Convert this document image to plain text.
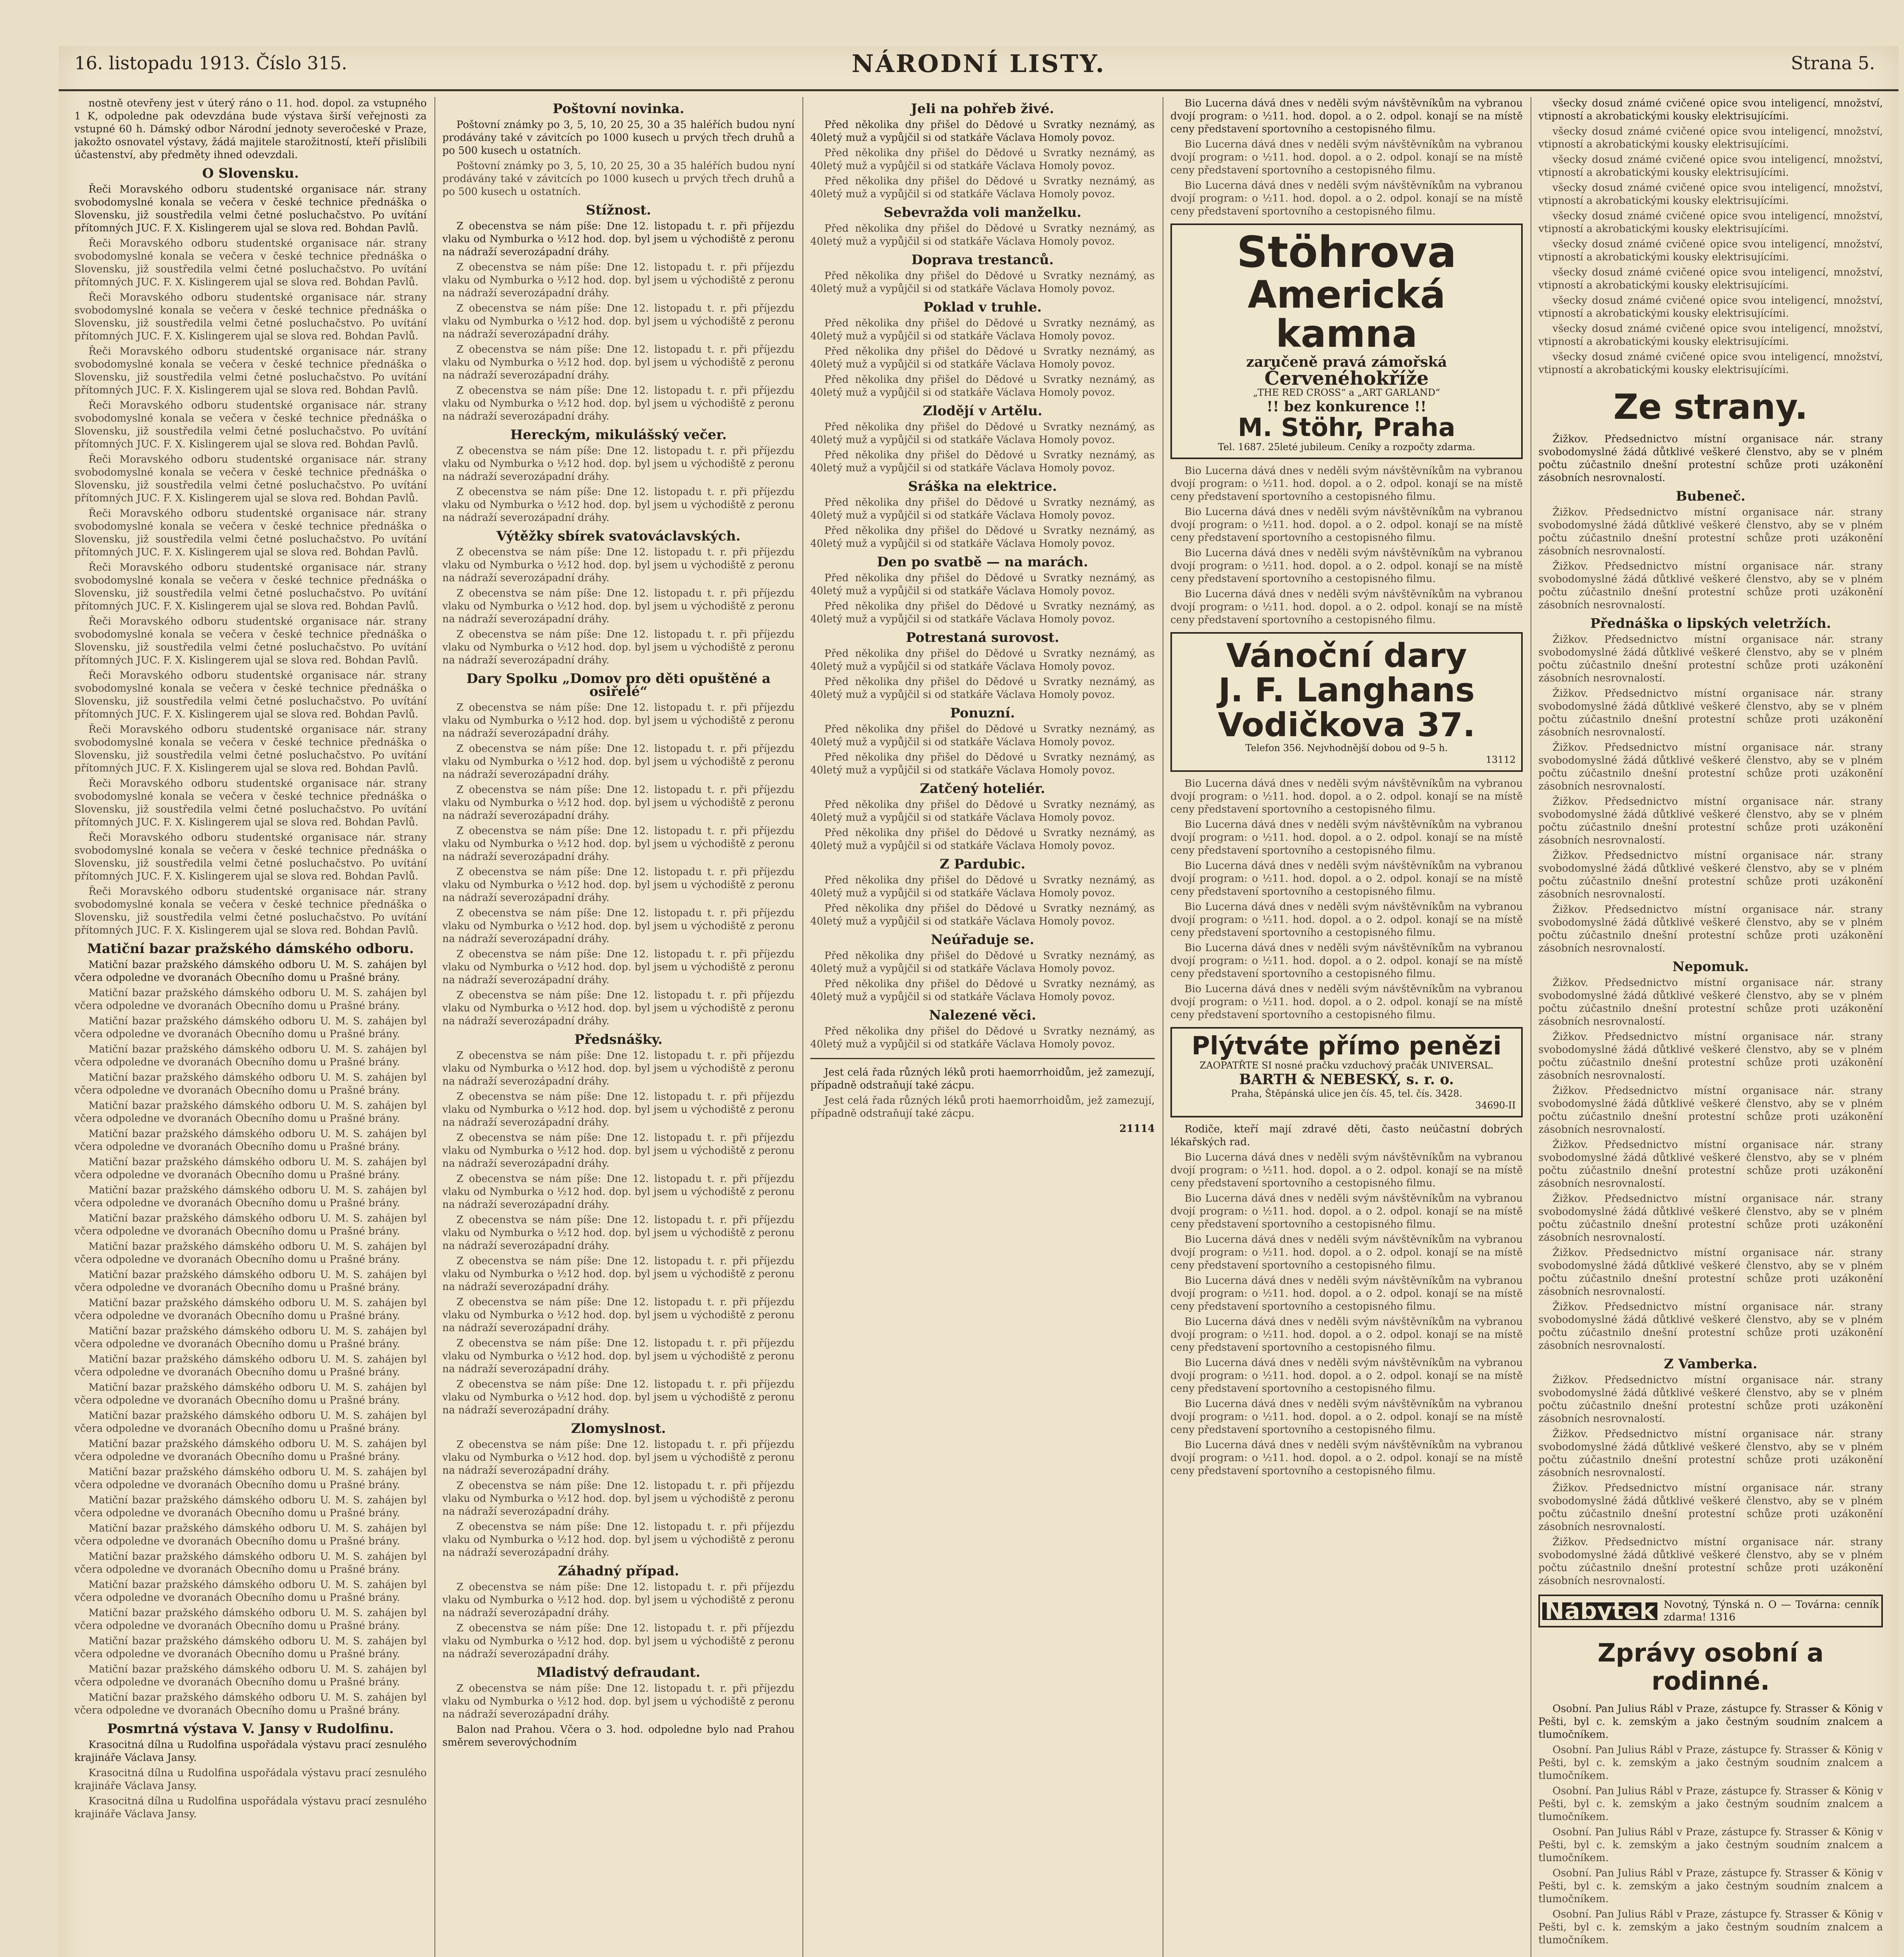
16. listopadu 1913. Číslo 315.	NÁRODNÍ LISTY.	Strana 5.

nostně otevřeny jest v úterý ráno o 11. hod. dopol. za vstupného 1 K, odpoledne pak odevzdána bude výstava širší veřejnosti za vstupné 60 h. Dámský odbor Národní jednoty severočeské v Praze, jakožto osnovatel výstavy, žádá majitele starožitností, kteří přislíbili účastenství, aby předměty ihned odevzdali.

O Slovensku.

Řeči Moravského odboru studentské organisace nár. strany svobodomyslné konala se večera v české technice přednáška o Slovensku, již soustředila velmi četné posluchačstvo. Po uvítání přítomných JUC. F. X. Kislingerem ujal se slova red. Bohdan Pavlů.

Řeči Moravského odboru studentské organisace nár. strany svobodomyslné konala se večera v české technice přednáška o Slovensku, již soustředila velmi četné posluchačstvo. Po uvítání přítomných JUC. F. X. Kislingerem ujal se slova red. Bohdan Pavlů.

Řeči Moravského odboru studentské organisace nár. strany svobodomyslné konala se večera v české technice přednáška o Slovensku, již soustředila velmi četné posluchačstvo. Po uvítání přítomných JUC. F. X. Kislingerem ujal se slova red. Bohdan Pavlů.

Řeči Moravského odboru studentské organisace nár. strany svobodomyslné konala se večera v české technice přednáška o Slovensku, již soustředila velmi četné posluchačstvo. Po uvítání přítomných JUC. F. X. Kislingerem ujal se slova red. Bohdan Pavlů.

Řeči Moravského odboru studentské organisace nár. strany svobodomyslné konala se večera v české technice přednáška o Slovensku, již soustředila velmi četné posluchačstvo. Po uvítání přítomných JUC. F. X. Kislingerem ujal se slova red. Bohdan Pavlů.

Řeči Moravského odboru studentské organisace nár. strany svobodomyslné konala se večera v české technice přednáška o Slovensku, již soustředila velmi četné posluchačstvo. Po uvítání přítomných JUC. F. X. Kislingerem ujal se slova red. Bohdan Pavlů.

Řeči Moravského odboru studentské organisace nár. strany svobodomyslné konala se večera v české technice přednáška o Slovensku, již soustředila velmi četné posluchačstvo. Po uvítání přítomných JUC. F. X. Kislingerem ujal se slova red. Bohdan Pavlů.

Řeči Moravského odboru studentské organisace nár. strany svobodomyslné konala se večera v české technice přednáška o Slovensku, již soustředila velmi četné posluchačstvo. Po uvítání přítomných JUC. F. X. Kislingerem ujal se slova red. Bohdan Pavlů.

Řeči Moravského odboru studentské organisace nár. strany svobodomyslné konala se večera v české technice přednáška o Slovensku, již soustředila velmi četné posluchačstvo. Po uvítání přítomných JUC. F. X. Kislingerem ujal se slova red. Bohdan Pavlů.

Řeči Moravského odboru studentské organisace nár. strany svobodomyslné konala se večera v české technice přednáška o Slovensku, již soustředila velmi četné posluchačstvo. Po uvítání přítomných JUC. F. X. Kislingerem ujal se slova red. Bohdan Pavlů.

Řeči Moravského odboru studentské organisace nár. strany svobodomyslné konala se večera v české technice přednáška o Slovensku, již soustředila velmi četné posluchačstvo. Po uvítání přítomných JUC. F. X. Kislingerem ujal se slova red. Bohdan Pavlů.

Řeči Moravského odboru studentské organisace nár. strany svobodomyslné konala se večera v české technice přednáška o Slovensku, již soustředila velmi četné posluchačstvo. Po uvítání přítomných JUC. F. X. Kislingerem ujal se slova red. Bohdan Pavlů.

Řeči Moravského odboru studentské organisace nár. strany svobodomyslné konala se večera v české technice přednáška o Slovensku, již soustředila velmi četné posluchačstvo. Po uvítání přítomných JUC. F. X. Kislingerem ujal se slova red. Bohdan Pavlů.

Řeči Moravského odboru studentské organisace nár. strany svobodomyslné konala se večera v české technice přednáška o Slovensku, již soustředila velmi četné posluchačstvo. Po uvítání přítomných JUC. F. X. Kislingerem ujal se slova red. Bohdan Pavlů.

Matiční bazar pražského dámského odboru.

Matiční bazar pražského dámského odboru U. M. S. zahájen byl včera odpoledne ve dvoranách Obecního domu u Prašné brány.

Matiční bazar pražského dámského odboru U. M. S. zahájen byl včera odpoledne ve dvoranách Obecního domu u Prašné brány.

Matiční bazar pražského dámského odboru U. M. S. zahájen byl včera odpoledne ve dvoranách Obecního domu u Prašné brány.

Matiční bazar pražského dámského odboru U. M. S. zahájen byl včera odpoledne ve dvoranách Obecního domu u Prašné brány.

Matiční bazar pražského dámského odboru U. M. S. zahájen byl včera odpoledne ve dvoranách Obecního domu u Prašné brány.

Matiční bazar pražského dámského odboru U. M. S. zahájen byl včera odpoledne ve dvoranách Obecního domu u Prašné brány.

Matiční bazar pražského dámského odboru U. M. S. zahájen byl včera odpoledne ve dvoranách Obecního domu u Prašné brány.

Matiční bazar pražského dámského odboru U. M. S. zahájen byl včera odpoledne ve dvoranách Obecního domu u Prašné brány.

Matiční bazar pražského dámského odboru U. M. S. zahájen byl včera odpoledne ve dvoranách Obecního domu u Prašné brány.

Matiční bazar pražského dámského odboru U. M. S. zahájen byl včera odpoledne ve dvoranách Obecního domu u Prašné brány.

Matiční bazar pražského dámského odboru U. M. S. zahájen byl včera odpoledne ve dvoranách Obecního domu u Prašné brány.

Matiční bazar pražského dámského odboru U. M. S. zahájen byl včera odpoledne ve dvoranách Obecního domu u Prašné brány.

Matiční bazar pražského dámského odboru U. M. S. zahájen byl včera odpoledne ve dvoranách Obecního domu u Prašné brány.

Matiční bazar pražského dámského odboru U. M. S. zahájen byl včera odpoledne ve dvoranách Obecního domu u Prašné brány.

Matiční bazar pražského dámského odboru U. M. S. zahájen byl včera odpoledne ve dvoranách Obecního domu u Prašné brány.

Matiční bazar pražského dámského odboru U. M. S. zahájen byl včera odpoledne ve dvoranách Obecního domu u Prašné brány.

Matiční bazar pražského dámského odboru U. M. S. zahájen byl včera odpoledne ve dvoranách Obecního domu u Prašné brány.

Matiční bazar pražského dámského odboru U. M. S. zahájen byl včera odpoledne ve dvoranách Obecního domu u Prašné brány.

Matiční bazar pražského dámského odboru U. M. S. zahájen byl včera odpoledne ve dvoranách Obecního domu u Prašné brány.

Matiční bazar pražského dámského odboru U. M. S. zahájen byl včera odpoledne ve dvoranách Obecního domu u Prašné brány.

Matiční bazar pražského dámského odboru U. M. S. zahájen byl včera odpoledne ve dvoranách Obecního domu u Prašné brány.

Matiční bazar pražského dámského odboru U. M. S. zahájen byl včera odpoledne ve dvoranách Obecního domu u Prašné brány.

Matiční bazar pražského dámského odboru U. M. S. zahájen byl včera odpoledne ve dvoranách Obecního domu u Prašné brány.

Matiční bazar pražského dámského odboru U. M. S. zahájen byl včera odpoledne ve dvoranách Obecního domu u Prašné brány.

Matiční bazar pražského dámského odboru U. M. S. zahájen byl včera odpoledne ve dvoranách Obecního domu u Prašné brány.

Matiční bazar pražského dámského odboru U. M. S. zahájen byl včera odpoledne ve dvoranách Obecního domu u Prašné brány.

Matiční bazar pražského dámského odboru U. M. S. zahájen byl včera odpoledne ve dvoranách Obecního domu u Prašné brány.

Posmrtná výstava V. Jansy v Rudolfinu.

Krasocitná dílna u Rudolfina uspořádala výstavu prací zesnulého krajináře Václava Jansy.

Krasocitná dílna u Rudolfina uspořádala výstavu prací zesnulého krajináře Václava Jansy.

Krasocitná dílna u Rudolfina uspořádala výstavu prací zesnulého krajináře Václava Jansy.

Poštovní novinka.

Poštovní známky po 3, 5, 10, 20 25, 30 a 35 haléřích budou nyní prodávány také v závitcích po 1000 kusech u prvých třech druhů a po 500 kusech u ostatních.

Poštovní známky po 3, 5, 10, 20 25, 30 a 35 haléřích budou nyní prodávány také v závitcích po 1000 kusech u prvých třech druhů a po 500 kusech u ostatních.

Stížnost.

Z obecenstva se nám píše: Dne 12. listopadu t. r. při příjezdu vlaku od Nymburka o ½12 hod. dop. byl jsem u východiště z peronu na nádraží severozápadní dráhy.

Z obecenstva se nám píše: Dne 12. listopadu t. r. při příjezdu vlaku od Nymburka o ½12 hod. dop. byl jsem u východiště z peronu na nádraží severozápadní dráhy.

Z obecenstva se nám píše: Dne 12. listopadu t. r. při příjezdu vlaku od Nymburka o ½12 hod. dop. byl jsem u východiště z peronu na nádraží severozápadní dráhy.

Z obecenstva se nám píše: Dne 12. listopadu t. r. při příjezdu vlaku od Nymburka o ½12 hod. dop. byl jsem u východiště z peronu na nádraží severozápadní dráhy.

Z obecenstva se nám píše: Dne 12. listopadu t. r. při příjezdu vlaku od Nymburka o ½12 hod. dop. byl jsem u východiště z peronu na nádraží severozápadní dráhy.

Hereckým, mikulášský večer.

Z obecenstva se nám píše: Dne 12. listopadu t. r. při příjezdu vlaku od Nymburka o ½12 hod. dop. byl jsem u východiště z peronu na nádraží severozápadní dráhy.

Z obecenstva se nám píše: Dne 12. listopadu t. r. při příjezdu vlaku od Nymburka o ½12 hod. dop. byl jsem u východiště z peronu na nádraží severozápadní dráhy.

Výtěžky sbírek svatováclavských.

Z obecenstva se nám píše: Dne 12. listopadu t. r. při příjezdu vlaku od Nymburka o ½12 hod. dop. byl jsem u východiště z peronu na nádraží severozápadní dráhy.

Z obecenstva se nám píše: Dne 12. listopadu t. r. při příjezdu vlaku od Nymburka o ½12 hod. dop. byl jsem u východiště z peronu na nádraží severozápadní dráhy.

Z obecenstva se nám píše: Dne 12. listopadu t. r. při příjezdu vlaku od Nymburka o ½12 hod. dop. byl jsem u východiště z peronu na nádraží severozápadní dráhy.

Dary Spolku „Domov pro děti opuštěné a osiřelé“

Z obecenstva se nám píše: Dne 12. listopadu t. r. při příjezdu vlaku od Nymburka o ½12 hod. dop. byl jsem u východiště z peronu na nádraží severozápadní dráhy.

Z obecenstva se nám píše: Dne 12. listopadu t. r. při příjezdu vlaku od Nymburka o ½12 hod. dop. byl jsem u východiště z peronu na nádraží severozápadní dráhy.

Z obecenstva se nám píše: Dne 12. listopadu t. r. při příjezdu vlaku od Nymburka o ½12 hod. dop. byl jsem u východiště z peronu na nádraží severozápadní dráhy.

Z obecenstva se nám píše: Dne 12. listopadu t. r. při příjezdu vlaku od Nymburka o ½12 hod. dop. byl jsem u východiště z peronu na nádraží severozápadní dráhy.

Z obecenstva se nám píše: Dne 12. listopadu t. r. při příjezdu vlaku od Nymburka o ½12 hod. dop. byl jsem u východiště z peronu na nádraží severozápadní dráhy.

Z obecenstva se nám píše: Dne 12. listopadu t. r. při příjezdu vlaku od Nymburka o ½12 hod. dop. byl jsem u východiště z peronu na nádraží severozápadní dráhy.

Z obecenstva se nám píše: Dne 12. listopadu t. r. při příjezdu vlaku od Nymburka o ½12 hod. dop. byl jsem u východiště z peronu na nádraží severozápadní dráhy.

Z obecenstva se nám píše: Dne 12. listopadu t. r. při příjezdu vlaku od Nymburka o ½12 hod. dop. byl jsem u východiště z peronu na nádraží severozápadní dráhy.

Předsnášky.

Z obecenstva se nám píše: Dne 12. listopadu t. r. při příjezdu vlaku od Nymburka o ½12 hod. dop. byl jsem u východiště z peronu na nádraží severozápadní dráhy.

Z obecenstva se nám píše: Dne 12. listopadu t. r. při příjezdu vlaku od Nymburka o ½12 hod. dop. byl jsem u východiště z peronu na nádraží severozápadní dráhy.

Z obecenstva se nám píše: Dne 12. listopadu t. r. při příjezdu vlaku od Nymburka o ½12 hod. dop. byl jsem u východiště z peronu na nádraží severozápadní dráhy.

Z obecenstva se nám píše: Dne 12. listopadu t. r. při příjezdu vlaku od Nymburka o ½12 hod. dop. byl jsem u východiště z peronu na nádraží severozápadní dráhy.

Z obecenstva se nám píše: Dne 12. listopadu t. r. při příjezdu vlaku od Nymburka o ½12 hod. dop. byl jsem u východiště z peronu na nádraží severozápadní dráhy.

Z obecenstva se nám píše: Dne 12. listopadu t. r. při příjezdu vlaku od Nymburka o ½12 hod. dop. byl jsem u východiště z peronu na nádraží severozápadní dráhy.

Z obecenstva se nám píše: Dne 12. listopadu t. r. při příjezdu vlaku od Nymburka o ½12 hod. dop. byl jsem u východiště z peronu na nádraží severozápadní dráhy.

Z obecenstva se nám píše: Dne 12. listopadu t. r. při příjezdu vlaku od Nymburka o ½12 hod. dop. byl jsem u východiště z peronu na nádraží severozápadní dráhy.

Z obecenstva se nám píše: Dne 12. listopadu t. r. při příjezdu vlaku od Nymburka o ½12 hod. dop. byl jsem u východiště z peronu na nádraží severozápadní dráhy.

Zlomyslnost.

Z obecenstva se nám píše: Dne 12. listopadu t. r. při příjezdu vlaku od Nymburka o ½12 hod. dop. byl jsem u východiště z peronu na nádraží severozápadní dráhy.

Z obecenstva se nám píše: Dne 12. listopadu t. r. při příjezdu vlaku od Nymburka o ½12 hod. dop. byl jsem u východiště z peronu na nádraží severozápadní dráhy.

Z obecenstva se nám píše: Dne 12. listopadu t. r. při příjezdu vlaku od Nymburka o ½12 hod. dop. byl jsem u východiště z peronu na nádraží severozápadní dráhy.

Záhadný případ.

Z obecenstva se nám píše: Dne 12. listopadu t. r. při příjezdu vlaku od Nymburka o ½12 hod. dop. byl jsem u východiště z peronu na nádraží severozápadní dráhy.

Z obecenstva se nám píše: Dne 12. listopadu t. r. při příjezdu vlaku od Nymburka o ½12 hod. dop. byl jsem u východiště z peronu na nádraží severozápadní dráhy.

Mladistvý defraudant.

Z obecenstva se nám píše: Dne 12. listopadu t. r. při příjezdu vlaku od Nymburka o ½12 hod. dop. byl jsem u východiště z peronu na nádraží severozápadní dráhy.

Balon nad Prahou. Včera o 3. hod. odpoledne bylo nad Prahou směrem severovýchodním

Jeli na pohřeb živé.

Před několika dny přišel do Dědové u Svratky neznámý, as 40letý muž a vypůjčil si od statkáře Václava Homoly povoz.

Před několika dny přišel do Dědové u Svratky neznámý, as 40letý muž a vypůjčil si od statkáře Václava Homoly povoz.

Před několika dny přišel do Dědové u Svratky neznámý, as 40letý muž a vypůjčil si od statkáře Václava Homoly povoz.

Sebevražda voli manželku.

Před několika dny přišel do Dědové u Svratky neznámý, as 40letý muž a vypůjčil si od statkáře Václava Homoly povoz.

Doprava trestanců.

Před několika dny přišel do Dědové u Svratky neznámý, as 40letý muž a vypůjčil si od statkáře Václava Homoly povoz.

Poklad v truhle.

Před několika dny přišel do Dědové u Svratky neznámý, as 40letý muž a vypůjčil si od statkáře Václava Homoly povoz.

Před několika dny přišel do Dědové u Svratky neznámý, as 40letý muž a vypůjčil si od statkáře Václava Homoly povoz.

Před několika dny přišel do Dědové u Svratky neznámý, as 40letý muž a vypůjčil si od statkáře Václava Homoly povoz.

Zlodějí v Artělu.

Před několika dny přišel do Dědové u Svratky neznámý, as 40letý muž a vypůjčil si od statkáře Václava Homoly povoz.

Před několika dny přišel do Dědové u Svratky neznámý, as 40letý muž a vypůjčil si od statkáře Václava Homoly povoz.

Sráška na elektrice.

Před několika dny přišel do Dědové u Svratky neznámý, as 40letý muž a vypůjčil si od statkáře Václava Homoly povoz.

Před několika dny přišel do Dědové u Svratky neznámý, as 40letý muž a vypůjčil si od statkáře Václava Homoly povoz.

Den po svatbě — na marách.

Před několika dny přišel do Dědové u Svratky neznámý, as 40letý muž a vypůjčil si od statkáře Václava Homoly povoz.

Před několika dny přišel do Dědové u Svratky neznámý, as 40letý muž a vypůjčil si od statkáře Václava Homoly povoz.

Potrestaná surovost.

Před několika dny přišel do Dědové u Svratky neznámý, as 40letý muž a vypůjčil si od statkáře Václava Homoly povoz.

Před několika dny přišel do Dědové u Svratky neznámý, as 40letý muž a vypůjčil si od statkáře Václava Homoly povoz.

Ponuzní.

Před několika dny přišel do Dědové u Svratky neznámý, as 40letý muž a vypůjčil si od statkáře Václava Homoly povoz.

Před několika dny přišel do Dědové u Svratky neznámý, as 40letý muž a vypůjčil si od statkáře Václava Homoly povoz.

Zatčený hoteliér.

Před několika dny přišel do Dědové u Svratky neznámý, as 40letý muž a vypůjčil si od statkáře Václava Homoly povoz.

Před několika dny přišel do Dědové u Svratky neznámý, as 40letý muž a vypůjčil si od statkáře Václava Homoly povoz.

Z Pardubic.

Před několika dny přišel do Dědové u Svratky neznámý, as 40letý muž a vypůjčil si od statkáře Václava Homoly povoz.

Před několika dny přišel do Dědové u Svratky neznámý, as 40letý muž a vypůjčil si od statkáře Václava Homoly povoz.

Neúřaduje se.

Před několika dny přišel do Dědové u Svratky neznámý, as 40letý muž a vypůjčil si od statkáře Václava Homoly povoz.

Před několika dny přišel do Dědové u Svratky neznámý, as 40letý muž a vypůjčil si od statkáře Václava Homoly povoz.

Nalezené věci.

Před několika dny přišel do Dědové u Svratky neznámý, as 40letý muž a vypůjčil si od statkáře Václava Homoly povoz.

Jest celá řada různých léků proti haemorrhoidům, jež zamezují, případně odstraňují také zácpu.

Jest celá řada různých léků proti haemorrhoidům, jež zamezují, případně odstraňují také zácpu.

21114

Bio Lucerna dává dnes v neděli svým návštěvníkům na vybranou dvojí program: o ½11. hod. dopol. a o 2. odpol. konají se na místě ceny představení sportovního a cestopisného filmu.

Bio Lucerna dává dnes v neděli svým návštěvníkům na vybranou dvojí program: o ½11. hod. dopol. a o 2. odpol. konají se na místě ceny představení sportovního a cestopisného filmu.

Bio Lucerna dává dnes v neděli svým návštěvníkům na vybranou dvojí program: o ½11. hod. dopol. a o 2. odpol. konají se na místě ceny představení sportovního a cestopisného filmu.

Stöhrova
Americká kamna
zaručeně pravá zámořská
Červenéhokříže
„THE RED CROSS“ a „ART GARLAND“
!! bez konkurence !!
M. Stöhr, Praha
Tel. 1687. 25leté jubileum. Ceníky a rozpočty zdarma.

Bio Lucerna dává dnes v neděli svým návštěvníkům na vybranou dvojí program: o ½11. hod. dopol. a o 2. odpol. konají se na místě ceny představení sportovního a cestopisného filmu.

Bio Lucerna dává dnes v neděli svým návštěvníkům na vybranou dvojí program: o ½11. hod. dopol. a o 2. odpol. konají se na místě ceny představení sportovního a cestopisného filmu.

Bio Lucerna dává dnes v neděli svým návštěvníkům na vybranou dvojí program: o ½11. hod. dopol. a o 2. odpol. konají se na místě ceny představení sportovního a cestopisného filmu.

Bio Lucerna dává dnes v neděli svým návštěvníkům na vybranou dvojí program: o ½11. hod. dopol. a o 2. odpol. konají se na místě ceny představení sportovního a cestopisného filmu.

Vánoční dary
J. F. Langhans
Vodičkova 37.
Telefon 356. Nejvhodnější dobou od 9–5 h.
13112

Bio Lucerna dává dnes v neděli svým návštěvníkům na vybranou dvojí program: o ½11. hod. dopol. a o 2. odpol. konají se na místě ceny představení sportovního a cestopisného filmu.

Bio Lucerna dává dnes v neděli svým návštěvníkům na vybranou dvojí program: o ½11. hod. dopol. a o 2. odpol. konají se na místě ceny představení sportovního a cestopisného filmu.

Bio Lucerna dává dnes v neděli svým návštěvníkům na vybranou dvojí program: o ½11. hod. dopol. a o 2. odpol. konají se na místě ceny představení sportovního a cestopisného filmu.

Bio Lucerna dává dnes v neděli svým návštěvníkům na vybranou dvojí program: o ½11. hod. dopol. a o 2. odpol. konají se na místě ceny představení sportovního a cestopisného filmu.

Bio Lucerna dává dnes v neděli svým návštěvníkům na vybranou dvojí program: o ½11. hod. dopol. a o 2. odpol. konají se na místě ceny představení sportovního a cestopisného filmu.

Bio Lucerna dává dnes v neděli svým návštěvníkům na vybranou dvojí program: o ½11. hod. dopol. a o 2. odpol. konají se na místě ceny představení sportovního a cestopisného filmu.

Plýtváte přímo penězi
ZAOPATŘTE SI nosné pračku vzduchový pračák UNIVERSAL.
BARTH & NEBESKÝ, s. r. o.
Praha, Štěpánská ulice jen čís. 45, tel. čís. 3428.
34690-II

Rodiče, kteří mají zdravé děti, často neúčastní dobrých lékařských rad.

Bio Lucerna dává dnes v neděli svým návštěvníkům na vybranou dvojí program: o ½11. hod. dopol. a o 2. odpol. konají se na místě ceny představení sportovního a cestopisného filmu.

Bio Lucerna dává dnes v neděli svým návštěvníkům na vybranou dvojí program: o ½11. hod. dopol. a o 2. odpol. konají se na místě ceny představení sportovního a cestopisného filmu.

Bio Lucerna dává dnes v neděli svým návštěvníkům na vybranou dvojí program: o ½11. hod. dopol. a o 2. odpol. konají se na místě ceny představení sportovního a cestopisného filmu.

Bio Lucerna dává dnes v neděli svým návštěvníkům na vybranou dvojí program: o ½11. hod. dopol. a o 2. odpol. konají se na místě ceny představení sportovního a cestopisného filmu.

Bio Lucerna dává dnes v neděli svým návštěvníkům na vybranou dvojí program: o ½11. hod. dopol. a o 2. odpol. konají se na místě ceny představení sportovního a cestopisného filmu.

Bio Lucerna dává dnes v neděli svým návštěvníkům na vybranou dvojí program: o ½11. hod. dopol. a o 2. odpol. konají se na místě ceny představení sportovního a cestopisného filmu.

Bio Lucerna dává dnes v neděli svým návštěvníkům na vybranou dvojí program: o ½11. hod. dopol. a o 2. odpol. konají se na místě ceny představení sportovního a cestopisného filmu.

Bio Lucerna dává dnes v neděli svým návštěvníkům na vybranou dvojí program: o ½11. hod. dopol. a o 2. odpol. konají se na místě ceny představení sportovního a cestopisného filmu.

všecky dosud známé cvičené opice svou inteligencí, množství, vtipností a akrobatickými kousky elektrisujícími.

všecky dosud známé cvičené opice svou inteligencí, množství, vtipností a akrobatickými kousky elektrisujícími.

všecky dosud známé cvičené opice svou inteligencí, množství, vtipností a akrobatickými kousky elektrisujícími.

všecky dosud známé cvičené opice svou inteligencí, množství, vtipností a akrobatickými kousky elektrisujícími.

všecky dosud známé cvičené opice svou inteligencí, množství, vtipností a akrobatickými kousky elektrisujícími.

všecky dosud známé cvičené opice svou inteligencí, množství, vtipností a akrobatickými kousky elektrisujícími.

všecky dosud známé cvičené opice svou inteligencí, množství, vtipností a akrobatickými kousky elektrisujícími.

všecky dosud známé cvičené opice svou inteligencí, množství, vtipností a akrobatickými kousky elektrisujícími.

všecky dosud známé cvičené opice svou inteligencí, množství, vtipností a akrobatickými kousky elektrisujícími.

všecky dosud známé cvičené opice svou inteligencí, množství, vtipností a akrobatickými kousky elektrisujícími.

Ze strany.

Žižkov. Předsednictvo místní organisace nár. strany svobodomyslné žádá důtklivé veškeré členstvo, aby se v plném počtu zúčastnilo dnešní protestní schůze proti uzákonění zásobních nesrovnalostí.

Bubeneč.

Žižkov. Předsednictvo místní organisace nár. strany svobodomyslné žádá důtklivé veškeré členstvo, aby se v plném počtu zúčastnilo dnešní protestní schůze proti uzákonění zásobních nesrovnalostí.

Žižkov. Předsednictvo místní organisace nár. strany svobodomyslné žádá důtklivé veškeré členstvo, aby se v plném počtu zúčastnilo dnešní protestní schůze proti uzákonění zásobních nesrovnalostí.

Přednáška o lipských veletržích.

Žižkov. Předsednictvo místní organisace nár. strany svobodomyslné žádá důtklivé veškeré členstvo, aby se v plném počtu zúčastnilo dnešní protestní schůze proti uzákonění zásobních nesrovnalostí.

Žižkov. Předsednictvo místní organisace nár. strany svobodomyslné žádá důtklivé veškeré členstvo, aby se v plném počtu zúčastnilo dnešní protestní schůze proti uzákonění zásobních nesrovnalostí.

Žižkov. Předsednictvo místní organisace nár. strany svobodomyslné žádá důtklivé veškeré členstvo, aby se v plném počtu zúčastnilo dnešní protestní schůze proti uzákonění zásobních nesrovnalostí.

Žižkov. Předsednictvo místní organisace nár. strany svobodomyslné žádá důtklivé veškeré členstvo, aby se v plném počtu zúčastnilo dnešní protestní schůze proti uzákonění zásobních nesrovnalostí.

Žižkov. Předsednictvo místní organisace nár. strany svobodomyslné žádá důtklivé veškeré členstvo, aby se v plném počtu zúčastnilo dnešní protestní schůze proti uzákonění zásobních nesrovnalostí.

Žižkov. Předsednictvo místní organisace nár. strany svobodomyslné žádá důtklivé veškeré členstvo, aby se v plném počtu zúčastnilo dnešní protestní schůze proti uzákonění zásobních nesrovnalostí.

Nepomuk.

Žižkov. Předsednictvo místní organisace nár. strany svobodomyslné žádá důtklivé veškeré členstvo, aby se v plném počtu zúčastnilo dnešní protestní schůze proti uzákonění zásobních nesrovnalostí.

Žižkov. Předsednictvo místní organisace nár. strany svobodomyslné žádá důtklivé veškeré členstvo, aby se v plném počtu zúčastnilo dnešní protestní schůze proti uzákonění zásobních nesrovnalostí.

Žižkov. Předsednictvo místní organisace nár. strany svobodomyslné žádá důtklivé veškeré členstvo, aby se v plném počtu zúčastnilo dnešní protestní schůze proti uzákonění zásobních nesrovnalostí.

Žižkov. Předsednictvo místní organisace nár. strany svobodomyslné žádá důtklivé veškeré členstvo, aby se v plném počtu zúčastnilo dnešní protestní schůze proti uzákonění zásobních nesrovnalostí.

Žižkov. Předsednictvo místní organisace nár. strany svobodomyslné žádá důtklivé veškeré členstvo, aby se v plném počtu zúčastnilo dnešní protestní schůze proti uzákonění zásobních nesrovnalostí.

Žižkov. Předsednictvo místní organisace nár. strany svobodomyslné žádá důtklivé veškeré členstvo, aby se v plném počtu zúčastnilo dnešní protestní schůze proti uzákonění zásobních nesrovnalostí.

Žižkov. Předsednictvo místní organisace nár. strany svobodomyslné žádá důtklivé veškeré členstvo, aby se v plném počtu zúčastnilo dnešní protestní schůze proti uzákonění zásobních nesrovnalostí.

Z Vamberka.

Žižkov. Předsednictvo místní organisace nár. strany svobodomyslné žádá důtklivé veškeré členstvo, aby se v plném počtu zúčastnilo dnešní protestní schůze proti uzákonění zásobních nesrovnalostí.

Žižkov. Předsednictvo místní organisace nár. strany svobodomyslné žádá důtklivé veškeré členstvo, aby se v plném počtu zúčastnilo dnešní protestní schůze proti uzákonění zásobních nesrovnalostí.

Žižkov. Předsednictvo místní organisace nár. strany svobodomyslné žádá důtklivé veškeré členstvo, aby se v plném počtu zúčastnilo dnešní protestní schůze proti uzákonění zásobních nesrovnalostí.

Žižkov. Předsednictvo místní organisace nár. strany svobodomyslné žádá důtklivé veškeré členstvo, aby se v plném počtu zúčastnilo dnešní protestní schůze proti uzákonění zásobních nesrovnalostí.

Nábytek Novotný, Týnská n. O — Továrna: cenník zdarma! 1316
Zprávy osobní a rodinné.

Osobní. Pan Julius Rábl v Praze, zástupce fy. Strasser & König v Pešti, byl c. k. zemským a jako čestným soudním znalcem a tlumočníkem.

Osobní. Pan Julius Rábl v Praze, zástupce fy. Strasser & König v Pešti, byl c. k. zemským a jako čestným soudním znalcem a tlumočníkem.

Osobní. Pan Julius Rábl v Praze, zástupce fy. Strasser & König v Pešti, byl c. k. zemským a jako čestným soudním znalcem a tlumočníkem.

Osobní. Pan Julius Rábl v Praze, zástupce fy. Strasser & König v Pešti, byl c. k. zemským a jako čestným soudním znalcem a tlumočníkem.

Osobní. Pan Julius Rábl v Praze, zástupce fy. Strasser & König v Pešti, byl c. k. zemským a jako čestným soudním znalcem a tlumočníkem.

Osobní. Pan Julius Rábl v Praze, zástupce fy. Strasser & König v Pešti, byl c. k. zemským a jako čestným soudním znalcem a tlumočníkem.
